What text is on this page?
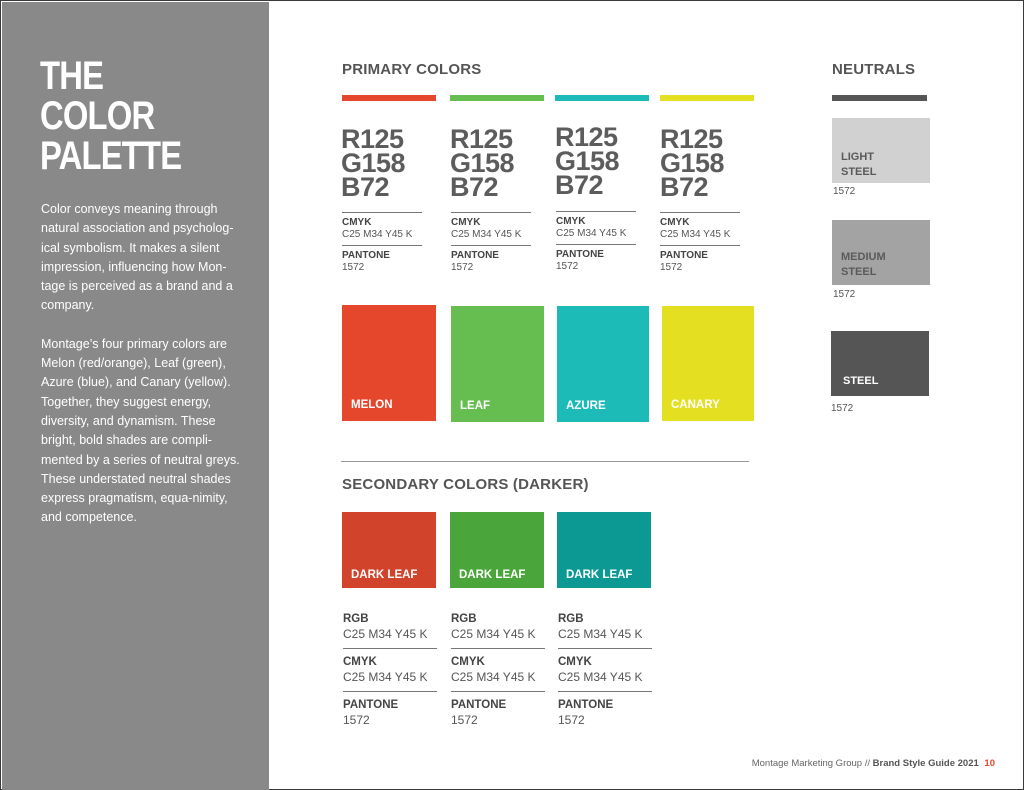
THE
COLOR
PALETTE

Color conveys meaning through natural association and psycholog-ical symbolism. It makes a silent impression, influencing how Mon-tage is perceived as a brand and a company.

Montage’s four primary colors are Melon (red/orange), Leaf (green), Azure (blue), and Canary (yellow). Together, they suggest energy, diversity, and dynamism. These bright, bold shades are compli-mented by a series of neutral greys. These understated neutral shades express pragmatism, equa-nimity, and competence.

PRIMARY COLORS
R125
G158
B72
CMYK
C25 M34 Y45 K
PANTONE
1572
MELON
R125
G158
B72
CMYK
C25 M34 Y45 K
PANTONE
1572
LEAF
R125
G158
B72
CMYK
C25 M34 Y45 K
PANTONE
1572
AZURE
R125
G158
B72
CMYK
C25 M34 Y45 K
PANTONE
1572
CANARY
NEUTRALS
LIGHT
STEEL
1572
MEDIUM
STEEL
1572
STEEL
1572
SECONDARY COLORS (DARKER)
DARK LEAF
RGB
C25 M34 Y45 K
CMYK
C25 M34 Y45 K
PANTONE
1572
DARK LEAF
RGB
C25 M34 Y45 K
CMYK
C25 M34 Y45 K
PANTONE
1572
DARK LEAF
RGB
C25 M34 Y45 K
CMYK
C25 M34 Y45 K
PANTONE
1572
Montage Marketing Group // Brand Style Guide 2021 10
